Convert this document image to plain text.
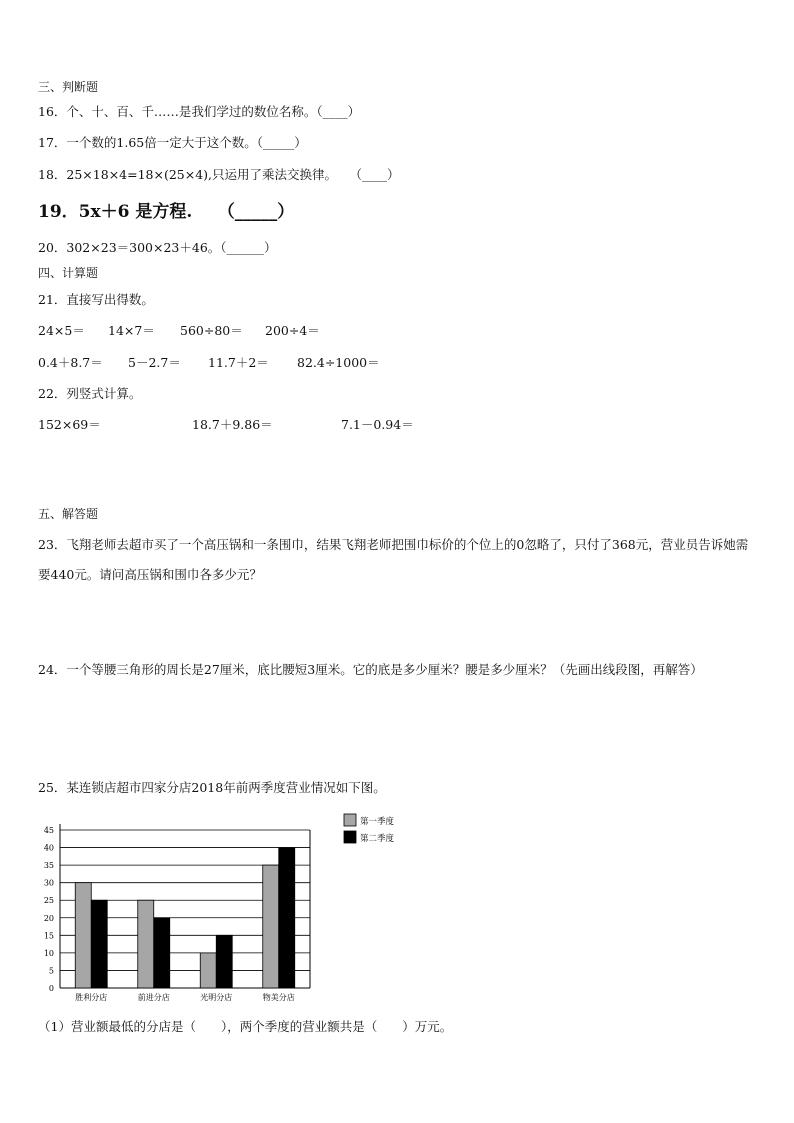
三、判断题
16．个、十、百、千……是我们学过的数位名称。（____）
17．一个数的1.65倍一定大于这个数。（_____）
18．25×18×4=18×(25×4),只运用了乘法交换律。　　（____）
19．5x＋6 是方程.　　（_____）
20．302×23＝300×23＋46。（______）
四、计算题
21．直接写出得数。
24×5＝ 14×7＝ 560÷80＝ 200÷4＝
0.4＋8.7＝ 5－2.7＝ 11.7＋2＝ 82.4÷1000＝
22．列竖式计算。
152×69＝	18.7＋9.86＝	7.1－0.94＝
五、解答题
23．飞翔老师去超市买了一个高压锅和一条围巾，结果飞翔老师把围巾标价的个位上的0忽略了，只付了368元，营业员告诉她需要440元。请问高压锅和围巾各多少元？
24．一个等腰三角形的周长是27厘米，底比腰短3厘米。它的底是多少厘米？腰是多少厘米？（先画出线段图，再解答）
25．某连锁店超市四家分店2018年前两季度营业情况如下图。
0
5
10
15
20
25
30
35
40
45
胜利分店	前进分店	光明分店	物美分店
第一季度
第二季度
（1）营业额最低的分店是（　　），两个季度的营业额共是（　　）万元。
